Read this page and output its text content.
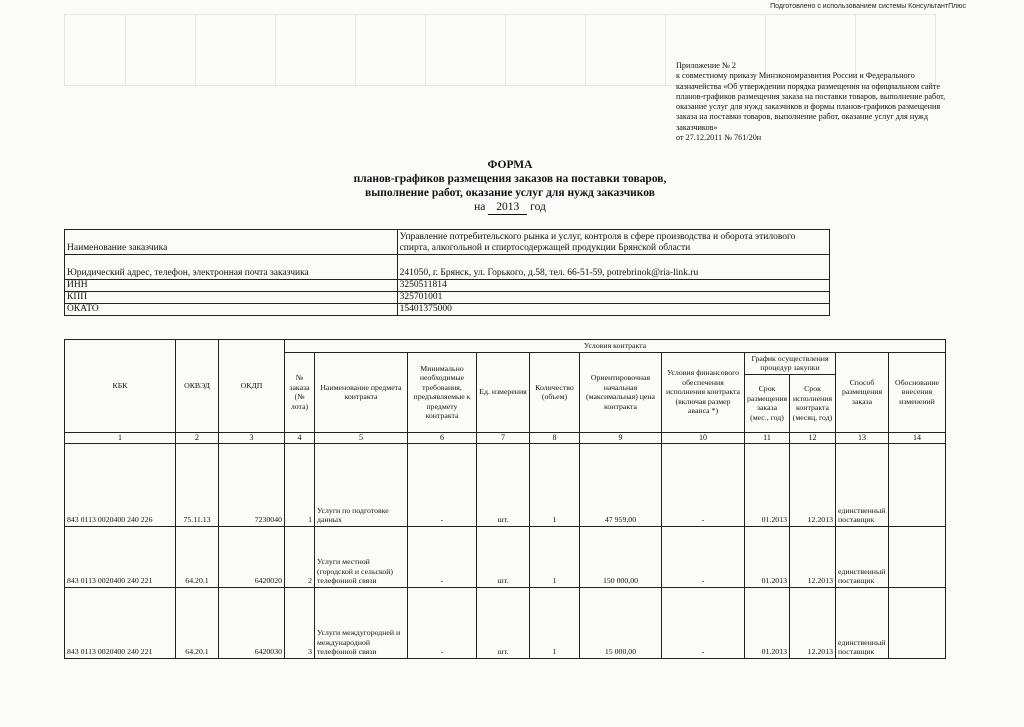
Подготовлено с использованием системы КонсультантПлюс
Приложение № 2
к совместному приказу Минэкономразвития России и Федерального казначейства «Об утверждении порядка размещения на официальном сайте планов-графиков размещения заказа на поставки товаров, выполнение работ, оказание услуг для нужд заказчиков и формы планов-графиков размещения заказа на поставки товаров, выполнение работ, оказание услуг для нужд заказчиков»
от 27.12.2011 № 761/20н
ФОРМА
планов-графиков размещения заказов на поставки товаров,
выполнение работ, оказание услуг для нужд заказчиков
на 2013 год
Наименование заказчика	Управление потребительского рынка и услуг, контроля в сфере производства и оборота этилового спирта, алкогольной и спиртосодержащей продукции Брянской области
Юридический адрес, телефон, электронная почта заказчика	241050, г. Брянск, ул. Горького, д.58, тел. 66-51-59, potrebrinok@ria-link.ru
ИНН	3250511814
КПП	325701001
ОКАТО	15401375000
КБК	ОКВЭД	ОКДП	Условия контракта										
			№ заказа (№ лота)	Наименование предмета контракта	Минимально необходимые требования, предъявляемые к предмету контракта	Ед. измерения	Количество (объем)	Ориентировочная начальная (максимальная) цена контракта	Условия финансового обеспечения исполнения контракта (включая размер аванса *)	График осуществления процедур закупки		Способ размещения заказа	Обоснование внесения изменений
										Срок размещения заказа (мес., год)	Срок исполнения контракта (месяц, год)		
1	2	3	4	5	6	7	8	9	10	11	12	13	14
843 0113 0020400 240 226	75.11.13	7230040	1	Услуги по подготовке данных	-	шт.	1	47 959,00	-	01.2013	12.2013	единственный поставщик	
843 0113 0020400 240 221	64.20.1	6420020	2	Услуги местной (городской и сельской) телефонной связи	-	шт.	1	150 000,00	-	01.2013	12.2013	единственный поставщик	
843 0113 0020400 240 221	64.20.1	6420030	3	Услуги междугородней и международной телефонной связи	-	шт.	1	15 000,00	-	01.2013	12.2013	единственный поставщик	
